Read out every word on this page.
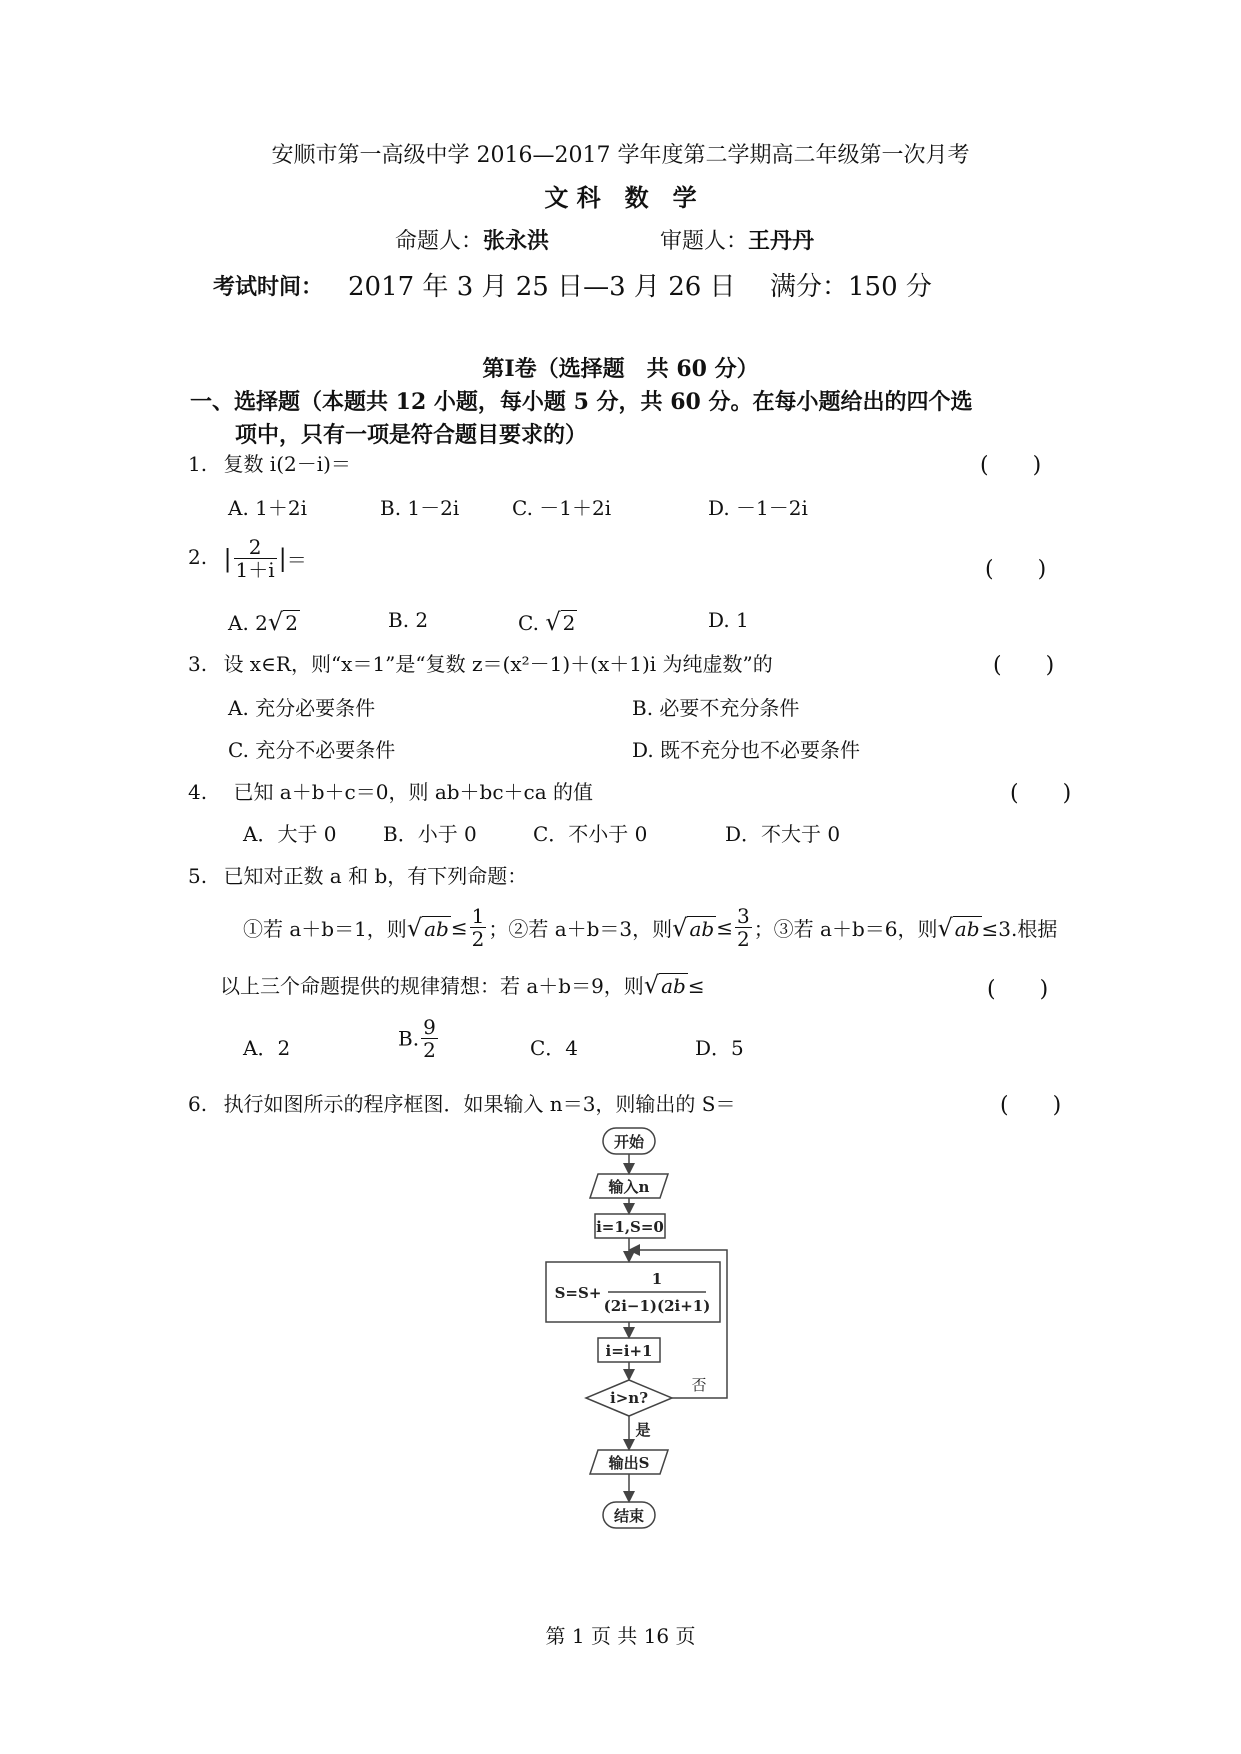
安顺市第一高级中学 2016—2017 学年度第二学期高二年级第一次月考
文 科　数　学
命题人：张永洪	审题人：王丹丹
考试时间： 2017 年 3 月 25 日—3 月 26 日 满分：150 分
第Ⅰ卷（选择题　共 60 分）
一、选择题（本题共 12 小题，每小题 5 分，共 60 分。在每小题给出的四个选
项中，只有一项是符合题目要求的）
1. 复数 i(2－i)＝	(　　)
A. 1＋2i	B. 1－2i	C. －1＋2i	D. －1－2i
2. | $\frac{2}{1+i}$ |＝	(　　)
A. 2√ 2	B. 2	C. √ 2	D. 1
3. 设 x∈R，则“x＝1”是“复数 z＝(x²－1)＋(x＋1)i 为纯虚数”的	(　　)
A. 充分必要条件	B. 必要不充分条件
C. 充分不必要条件	D. 既不充分也不必要条件
4. 已知 a＋b＋c＝0，则 ab＋bc＋ca 的值	(　　)
A．大于 0 B．小于 0	C．不小于 0	D．不大于 0
5. 已知对正数 a 和 b，有下列命题：
①若 a＋b＝1，则√ ab ≤ $\frac{1}{2}$ ；②若 a＋b＝3，则√ ab ≤ $\frac{3}{2}$ ；③若 a＋b＝6，则√ ab ≤3.根据
以上三个命题提供的规律猜想：若 a＋b＝9，则√ ab ≤	(　　)
A．2	B. $\frac{9}{2}$	C．4	D．5
6. 执行如图所示的程序框图．如果输入 n＝3，则输出的 S＝	(　　)
开始
输入n
i=1,S=0
S=S+
1
(2i−1)(2i+1)
i=i+1
i>n?
否
是
输出S
结束
第 1 页 共 16 页
